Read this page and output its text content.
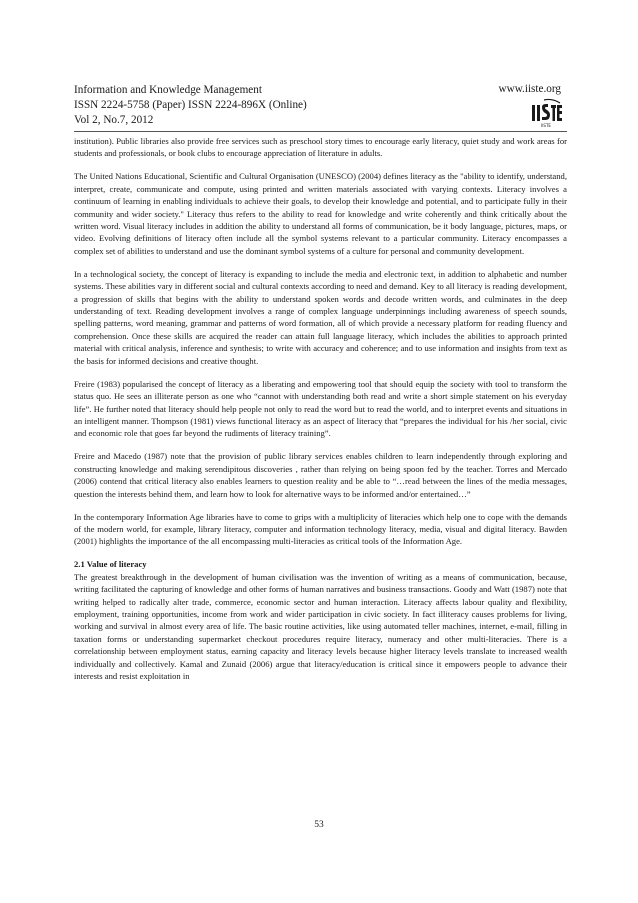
Information and Knowledge Management
ISSN 2224-5758 (Paper) ISSN 2224-896X (Online)
Vol 2, No.7, 2012
www.iiste.org
IISTE

institution). Public libraries also provide free services such as preschool story times to encourage early literacy, quiet study and work areas for students and professionals, or book clubs to encourage appreciation of literature in adults.

The United Nations Educational, Scientific and Cultural Organisation (UNESCO) (2004) defines literacy as the "ability to identify, understand, interpret, create, communicate and compute, using printed and written materials associated with varying contexts. Literacy involves a continuum of learning in enabling individuals to achieve their goals, to develop their knowledge and potential, and to participate fully in their community and wider society." Literacy thus refers to the ability to read for knowledge and write coherently and think critically about the written word. Visual literacy includes in addition the ability to understand all forms of communication, be it body language, pictures, maps, or video. Evolving definitions of literacy often include all the symbol systems relevant to a particular community. Literacy encompasses a complex set of abilities to understand and use the dominant symbol systems of a culture for personal and community development.

In a technological society, the concept of literacy is expanding to include the media and electronic text, in addition to alphabetic and number systems. These abilities vary in different social and cultural contexts according to need and demand. Key to all literacy is reading development, a progression of skills that begins with the ability to understand spoken words and decode written words, and culminates in the deep understanding of text. Reading development involves a range of complex language underpinnings including awareness of speech sounds, spelling patterns, word meaning, grammar and patterns of word formation, all of which provide a necessary platform for reading fluency and comprehension. Once these skills are acquired the reader can attain full language literacy, which includes the abilities to approach printed material with critical analysis, inference and synthesis; to write with accuracy and coherence; and to use information and insights from text as the basis for informed decisions and creative thought.

Freire (1983) popularised the concept of literacy as a liberating and empowering tool that should equip the society with tool to transform the status quo. He sees an illiterate person as one who “cannot with understanding both read and write a short simple statement on his everyday life”. He further noted that literacy should help people not only to read the word but to read the world, and to interpret events and situations in an intelligent manner. Thompson (1981) views functional literacy as an aspect of literacy that “prepares the individual for his /her social, civic and economic role that goes far beyond the rudiments of literacy training”.

Freire and Macedo (1987) note that the provision of public library services enables children to learn independently through exploring and constructing knowledge and making serendipitous discoveries , rather than relying on being spoon fed by the teacher. Torres and Mercado (2006) contend that critical literacy also enables learners to question reality and be able to “…read between the lines of the media messages, question the interests behind them, and learn how to look for alternative ways to be informed and/or entertained…”

In the contemporary Information Age libraries have to come to grips with a multiplicity of literacies which help one to cope with the demands of the modern world, for example, library literacy, computer and information technology literacy, media, visual and digital literacy. Bawden (2001) highlights the importance of the all encompassing multi-literacies as critical tools of the Information Age.

2.1 Value of literacy

The greatest breakthrough in the development of human civilisation was the invention of writing as a means of communication, because, writing facilitated the capturing of knowledge and other forms of human narratives and business transactions. Goody and Watt (1987) note that writing helped to radically alter trade, commerce, economic sector and human interaction. Literacy affects labour quality and flexibility, employment, training opportunities, income from work and wider participation in civic society. In fact illiteracy causes problems for living, working and survival in almost every area of life. The basic routine activities, like using automated teller machines, internet, e-mail, filling in taxation forms or understanding supermarket checkout procedures require literacy, numeracy and other multi-literacies. There is a correlationship between employment status, earning capacity and literacy levels because higher literacy levels translate to increased wealth individually and collectively. Kamal and Zunaid (2006) argue that literacy/education is critical since it empowers people to advance their interests and resist exploitation in

53
